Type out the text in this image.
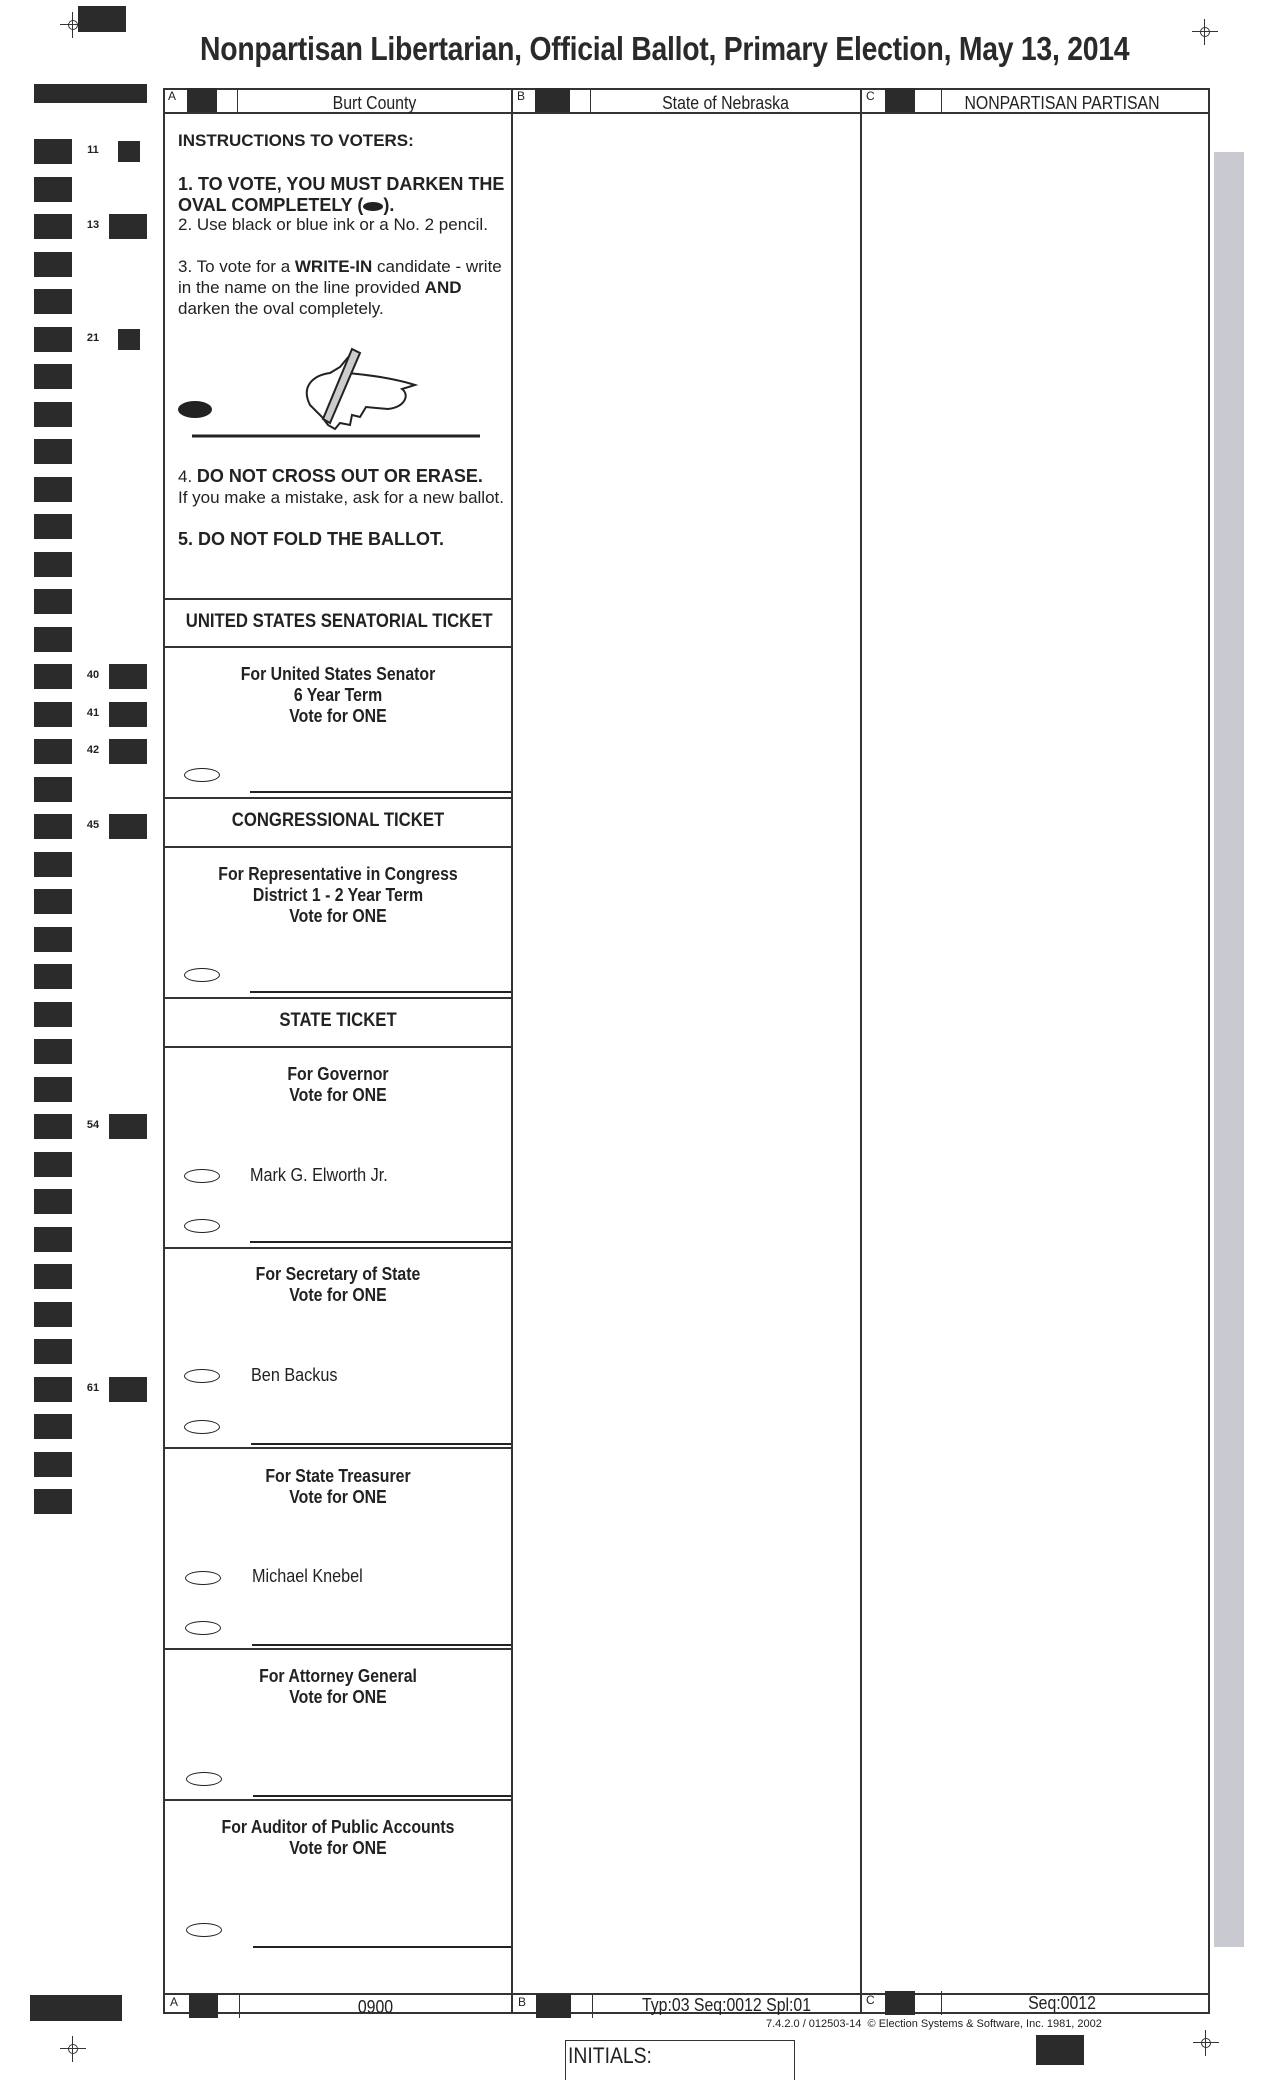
Nonpartisan Libertarian, Official Ballot, Primary Election, May 13, 2014
11
13
21
40
41
42
45
54
61
A	Burt County	B	State of Nebraska	C	NONPARTISAN PARTISAN
INSTRUCTIONS TO VOTERS:
1. TO VOTE, YOU MUST DARKEN THE OVAL COMPLETELY ( ).
2. Use black or blue ink or a No. 2 pencil.
3. To vote for a WRITE-IN candidate - write in the name on the line provided AND darken the oval completely.
4. DO NOT CROSS OUT OR ERASE.
If you make a mistake, ask for a new ballot.
5. DO NOT FOLD THE BALLOT.
UNITED STATES SENATORIAL TICKET
CONGRESSIONAL TICKET
STATE TICKET
For United States Senator
6 Year Term
Vote for ONE
For Representative in Congress
District 1 - 2 Year Term
Vote for ONE
For Governor
Vote for ONE
Mark G. Elworth Jr.
For Secretary of State
Vote for ONE
Ben Backus
For State Treasurer
Vote for ONE
Michael Knebel
For Attorney General
Vote for ONE
For Auditor of Public Accounts
Vote for ONE
A	0900	B	Typ:03 Seq:0012 Spl:01	C	Seq:0012
7.4.2.0 / 012503-14 © Election Systems & Software, Inc. 1981, 2002
INITIALS:
